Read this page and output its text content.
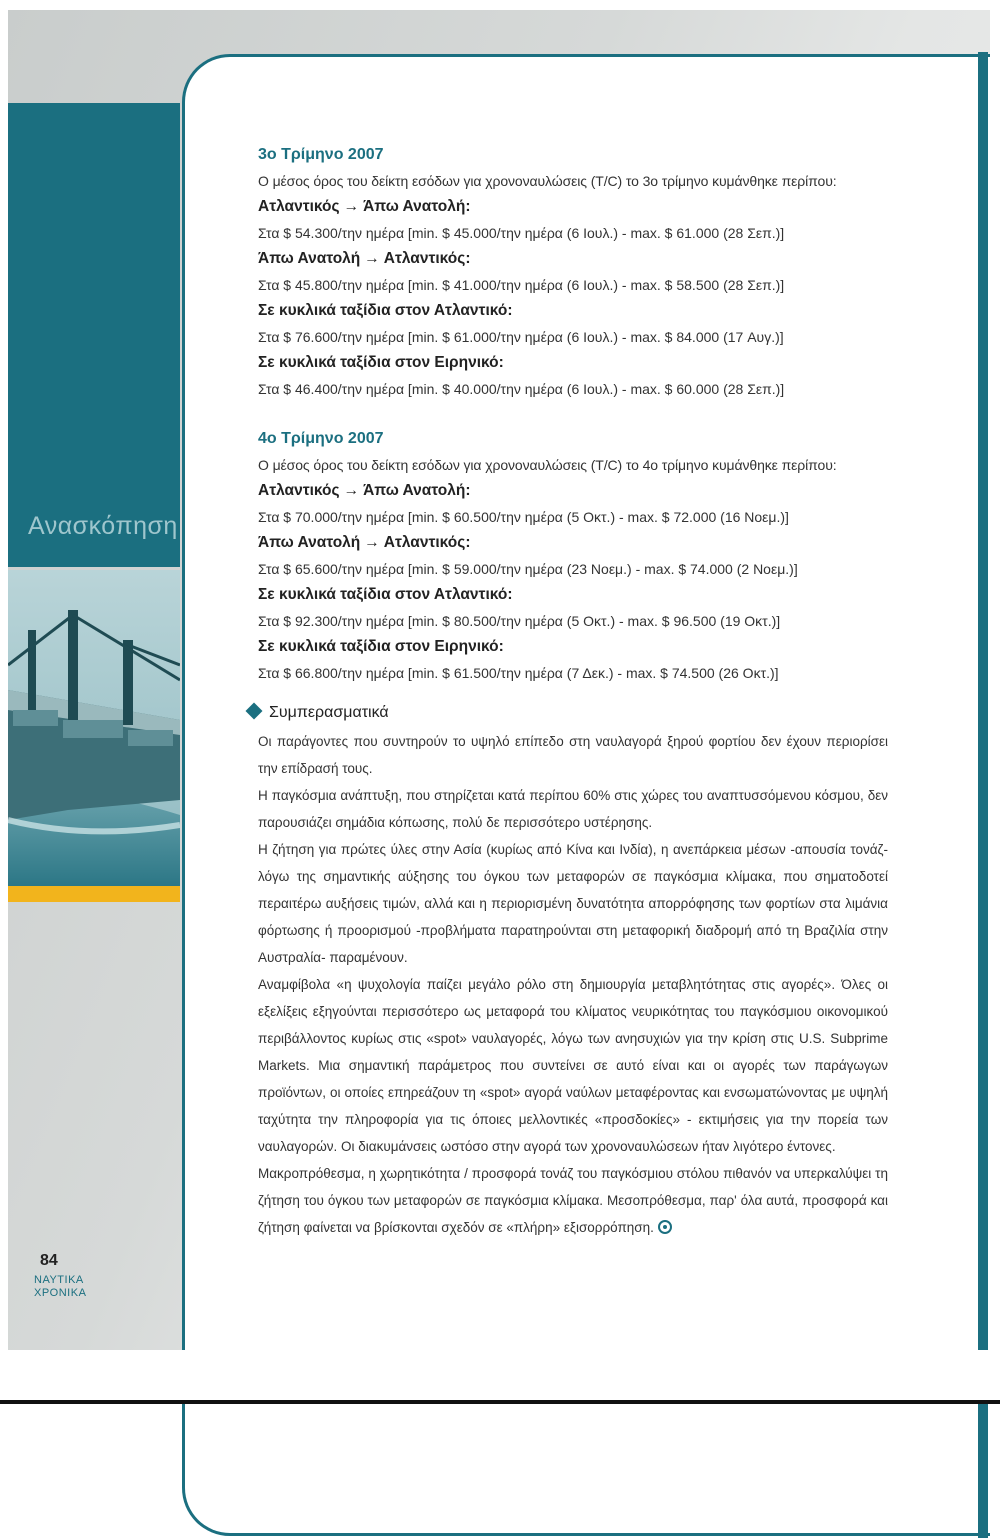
Ανασκόπηση

3ο Τρίμηνο 2007

Ο μέσος όρος του δείκτη εσόδων για χρονοναυλώσεις (T/C) το 3ο τρίμηνο κυμάνθηκε περίπου:

Ατλαντικός → Άπω Ανατολή:

Στα $ 54.300/την ημέρα [min. $ 45.000/την ημέρα (6 Ιουλ.) - max. $ 61.000 (28 Σεπ.)]

Άπω Ανατολή → Ατλαντικός:

Στα $ 45.800/την ημέρα [min. $ 41.000/την ημέρα (6 Ιουλ.) - max. $ 58.500 (28 Σεπ.)]

Σε κυκλικά ταξίδια στον Ατλαντικό:

Στα $ 76.600/την ημέρα [min. $ 61.000/την ημέρα (6 Ιουλ.) - max. $ 84.000 (17 Αυγ.)]

Σε κυκλικά ταξίδια στον Ειρηνικό:

Στα $ 46.400/την ημέρα [min. $ 40.000/την ημέρα (6 Ιουλ.) - max. $ 60.000 (28 Σεπ.)]

4ο Τρίμηνο 2007

Ο μέσος όρος του δείκτη εσόδων για χρονοναυλώσεις (T/C) το 4ο τρίμηνο κυμάνθηκε περίπου:

Ατλαντικός → Άπω Ανατολή:

Στα $ 70.000/την ημέρα [min. $ 60.500/την ημέρα (5 Οκτ.) - max. $ 72.000 (16 Νοεμ.)]

Άπω Ανατολή → Ατλαντικός:

Στα $ 65.600/την ημέρα [min. $ 59.000/την ημέρα (23 Νοεμ.) - max. $ 74.000 (2 Νοεμ.)]

Σε κυκλικά ταξίδια στον Ατλαντικό:

Στα $ 92.300/την ημέρα [min. $ 80.500/την ημέρα (5 Οκτ.) - max. $ 96.500 (19 Οκτ.)]

Σε κυκλικά ταξίδια στον Ειρηνικό:

Στα $ 66.800/την ημέρα [min. $ 61.500/την ημέρα (7 Δεκ.) - max. $ 74.500 (26 Οκτ.)]

Συμπερασματικά

Οι παράγοντες που συντηρούν το υψηλό επίπεδο στη ναυλαγορά ξηρού φορτίου δεν έχουν περιορίσει την επίδρασή τους.

Η παγκόσμια ανάπτυξη, που στηρίζεται κατά περίπου 60% στις χώρες του αναπτυσσόμενου κόσμου, δεν παρουσιάζει σημάδια κόπωσης, πολύ δε περισσότερο υστέρησης.

Η ζήτηση για πρώτες ύλες στην Ασία (κυρίως από Κίνα και Ινδία), η ανεπάρκεια μέσων -απουσία τονάζ- λόγω της σημαντικής αύξησης του όγκου των μεταφορών σε παγκόσμια κλίμακα, που σηματοδοτεί περαιτέρω αυξήσεις τιμών, αλλά και η περιορισμένη δυνατότητα απορρόφησης των φορτίων στα λιμάνια φόρτωσης ή προορισμού -προβλήματα παρατηρούνται στη μεταφορική διαδρομή από τη Βραζιλία στην Αυστραλία- παραμένουν.

Αναμφίβολα «η ψυχολογία παίζει μεγάλο ρόλο στη δημιουργία μεταβλητότητας στις αγορές». Όλες οι εξελίξεις εξηγούνται περισσότερο ως μεταφορά του κλίματος νευρικότητας του παγκόσμιου οικονομικού περιβάλλοντος κυρίως στις «spot» ναυλαγορές, λόγω των ανησυχιών για την κρίση στις U.S. Subprime Markets. Μια σημαντική παράμετρος που συντείνει σε αυτό είναι και οι αγορές των παράγωγων προϊόντων, οι οποίες επηρεάζουν τη «spot» αγορά ναύλων μεταφέροντας και ενσωματώνοντας με υψηλή ταχύτητα την πληροφορία για τις όποιες μελλοντικές «προσδοκίες» - εκτιμήσεις για την πορεία των ναυλαγορών. Οι διακυμάνσεις ωστόσο στην αγορά των χρονοναυλώσεων ήταν λιγότερο έντονες.

Μακροπρόθεσμα, η χωρητικότητα / προσφορά τονάζ του παγκόσμιου στόλου πιθανόν να υπερκαλύψει τη ζήτηση του όγκου των μεταφορών σε παγκόσμια κλίμακα. Μεσοπρόθεσμα, παρ' όλα αυτά, προσφορά και ζήτηση φαίνεται να βρίσκονται σχεδόν σε «πλήρη» εξισορρόπηση.

84

ΝΑΥΤΙΚΑ

ΧΡΟΝΙΚΑ
